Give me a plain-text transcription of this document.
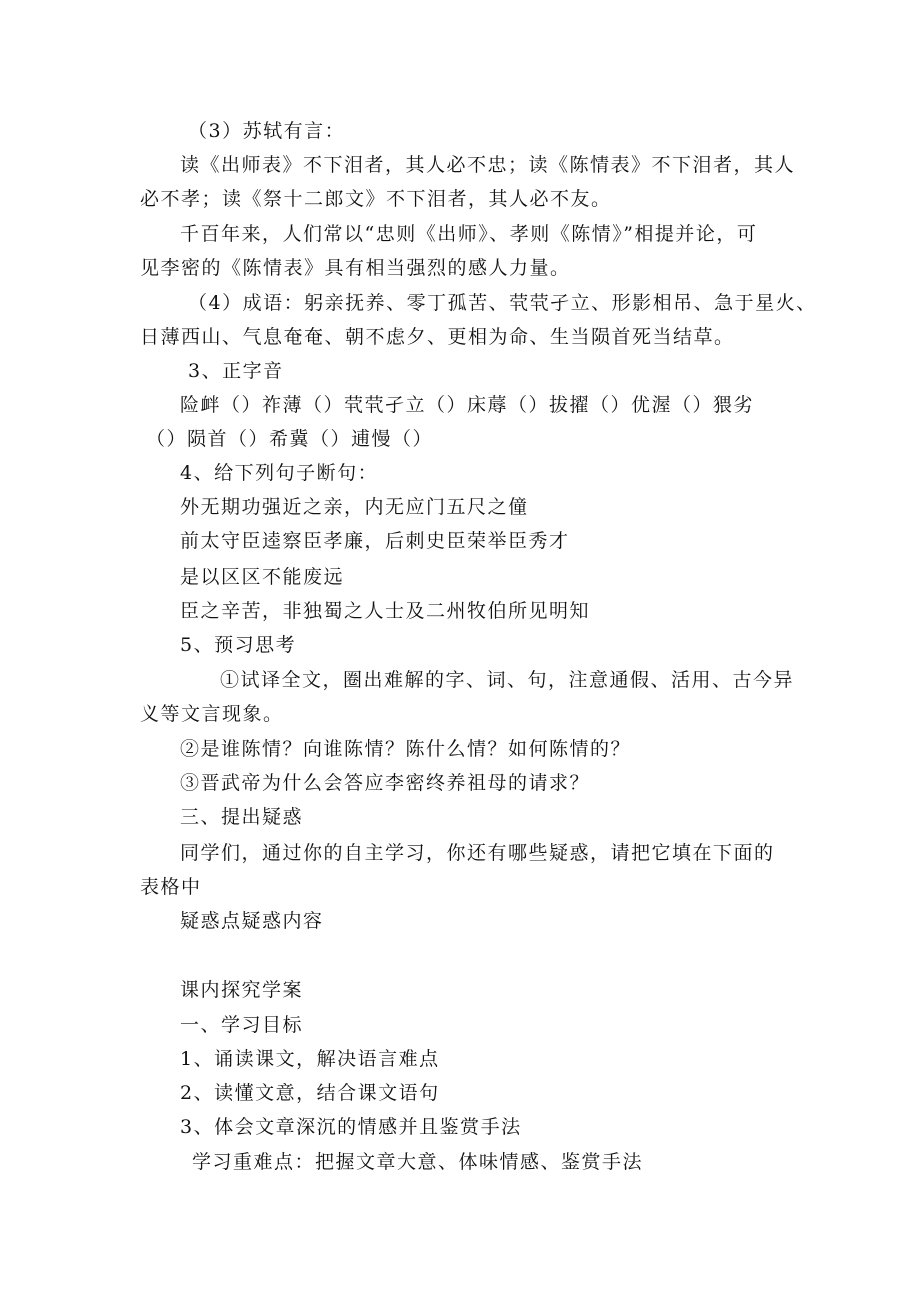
（3）苏轼有言：
读《出师表》不下泪者，其人必不忠；读《陈情表》不下泪者，其人
必不孝；读《祭十二郎文》不下泪者，其人必不友。
千百年来，人们常以“忠则《出师》、孝则《陈情》”相提并论，可
见李密的《陈情表》具有相当强烈的感人力量。
（4）成语：躬亲抚养、零丁孤苦、茕茕孑立、形影相吊、急于星火、
日薄西山、气息奄奄、朝不虑夕、更相为命、生当陨首死当结草。
3、正字音
险衅（）祚薄（）茕茕孑立（）床蓐（）拔擢（）优渥（）猥劣
（）陨首（）希冀（）逋慢（）
4、给下列句子断句：
外无期功强近之亲，内无应门五尺之僮
前太守臣逵察臣孝廉，后刺史臣荣举臣秀才
是以区区不能废远
臣之辛苦，非独蜀之人士及二州牧伯所见明知
5、预习思考
①试译全文，圈出难解的字、词、句，注意通假、活用、古今异
义等文言现象。
②是谁陈情？向谁陈情？陈什么情？如何陈情的？
③晋武帝为什么会答应李密终养祖母的请求？
三、提出疑惑
同学们，通过你的自主学习，你还有哪些疑惑，请把它填在下面的
表格中
疑惑点疑惑内容
课内探究学案
一、学习目标
1、诵读课文，解决语言难点
2、读懂文意，结合课文语句
3、体会文章深沉的情感并且鉴赏手法
学习重难点：把握文章大意、体味情感、鉴赏手法
